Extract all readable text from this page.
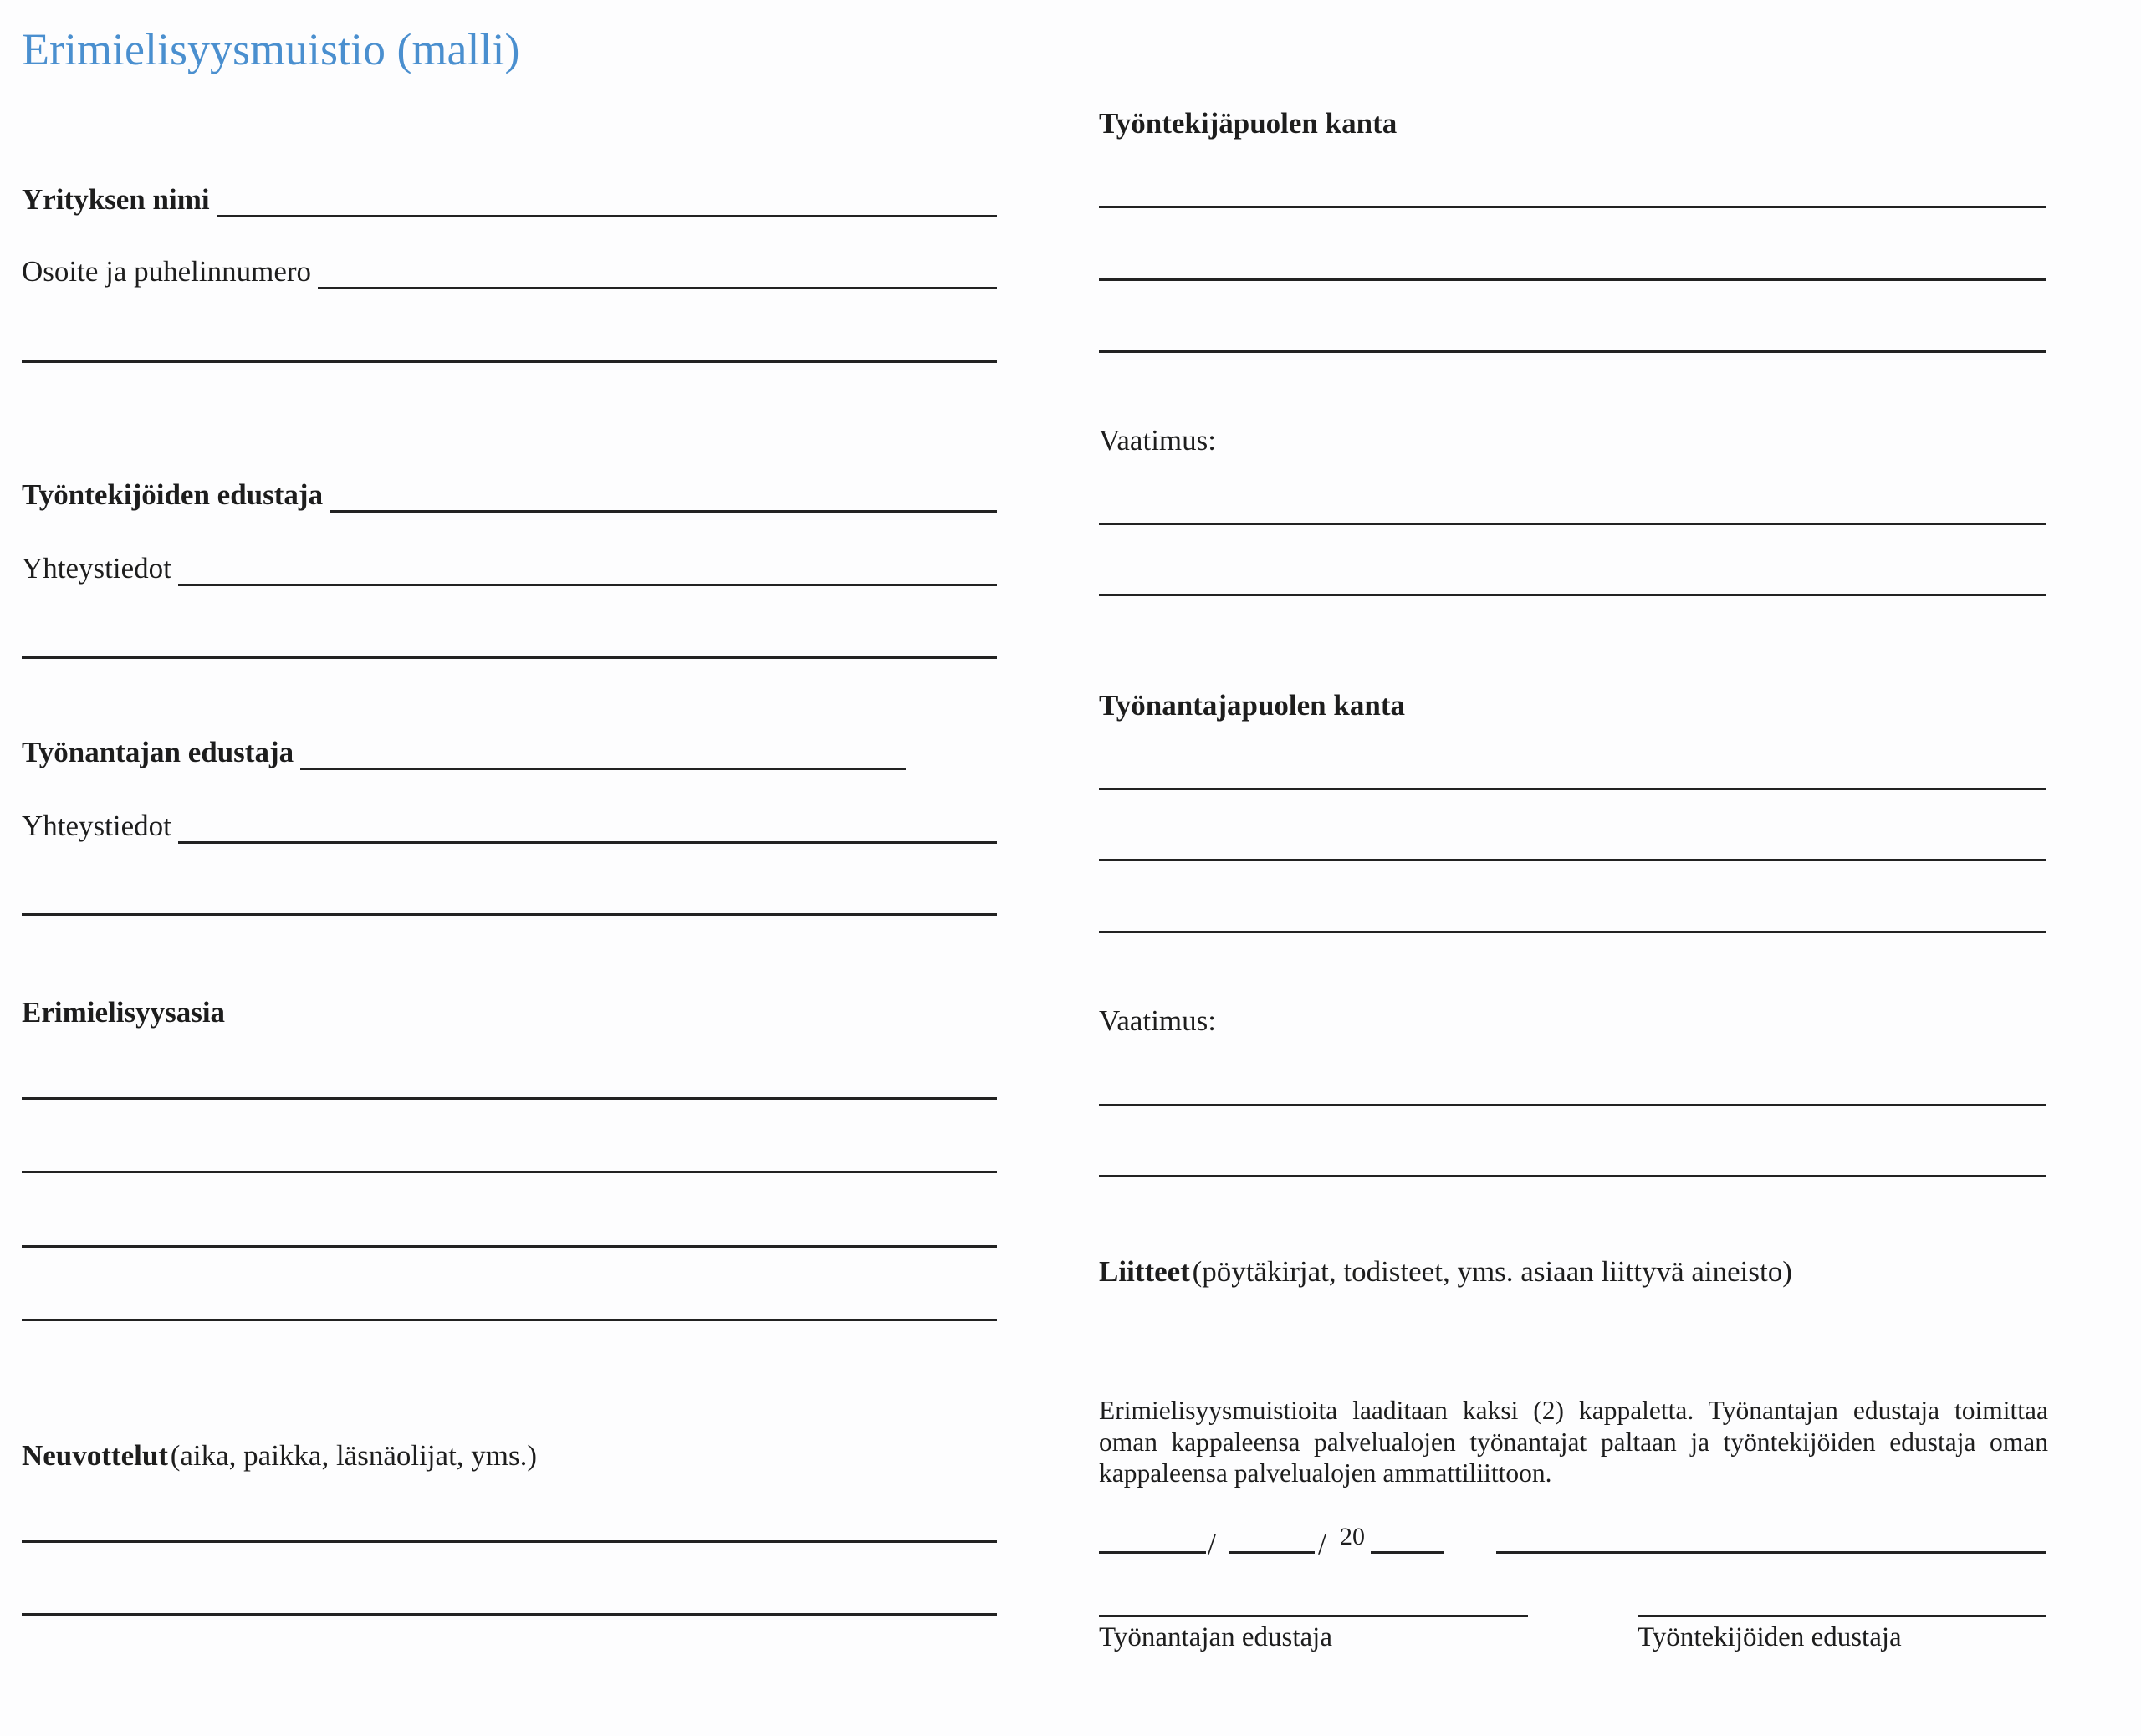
Erimielisyysmuistio (malli)
Yrityksen nimi
Osoite ja puhelinnumero
Työntekijöiden edustaja
Yhteystiedot
Työnantajan edustaja
Yhteystiedot
Erimielisyysasia
Neuvottelut (aika, paikka, läsnäolijat, yms.)
Työntekijäpuolen kanta
Vaatimus:
Työnantajapuolen kanta
Vaatimus:
Liitteet (pöytäkirjat, todisteet, yms. asiaan liittyvä aineisto)
Erimielisyysmuistioita laaditaan kaksi (2) kappaletta. Työnantajan edustaja toimittaa oman kappaleensa palvelualojen työnantajat paltaan ja työntekijöiden edustaja oman kappaleensa palvelualojen ammattiliittoon.
/	/ 20
Työnantajan edustaja	Työntekijöiden edustaja
